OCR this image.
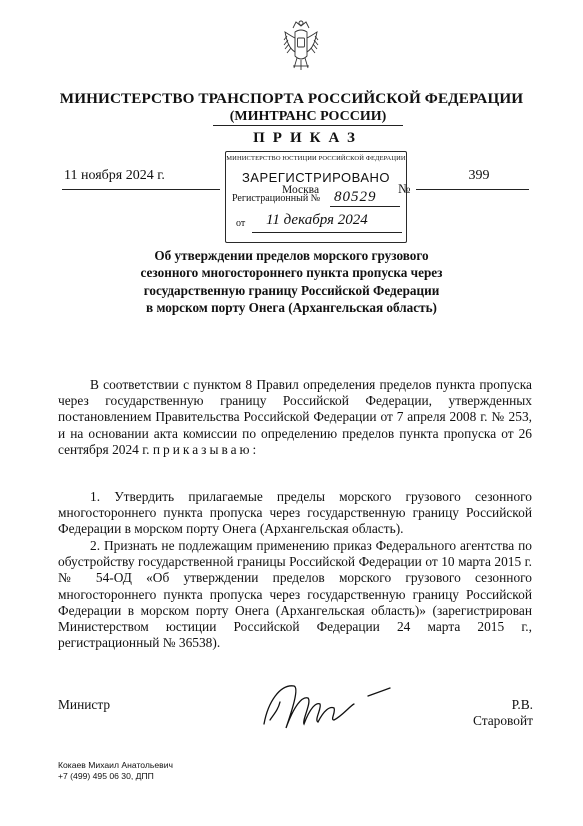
МИНИСТЕРСТВО ТРАНСПОРТА РОССИЙСКОЙ ФЕДЕРАЦИИ
(МИНТРАНС РОССИИ)
ПРИКАЗ
МИНИСТЕРСТВО ЮСТИЦИИ РОССИЙСКОЙ ФЕДЕРАЦИИ
ЗАРЕГИСТРИРОВАНО
Регистрационный № 80529
от 11 декабря 2024
11 ноября 2024 г.
Москва	№
399
Об утверждении пределов морского грузового сезонного многостороннего пункта пропуска через государственную границу Российской Федерации в морском порту Онега (Архангельская область)
В соответствии с пунктом 8 Правил определения пределов пункта пропуска через государственную границу Российской Федерации, утвержденных постановлением Правительства Российской Федерации от 7 апреля 2008 г. № 253, и на основании акта комиссии по определению пределов пункта пропуска от 26 сентября 2024 г. приказываю:
1. Утвердить прилагаемые пределы морского грузового сезонного многостороннего пункта пропуска через государственную границу Российской Федерации в морском порту Онега (Архангельская область).
2. Признать не подлежащим применению приказ Федерального агентства по обустройству государственной границы Российской Федерации от 10 марта 2015 г. № 54-ОД «Об утверждении пределов морского грузового сезонного многостороннего пункта пропуска через государственную границу Российской Федерации в морском порту Онега (Архангельская область)» (зарегистрирован Министерством юстиции Российской Федерации 24 марта 2015 г., регистрационный № 36538).
Министр	Р.В. Старовойт
Кокаев Михаил Анатольевич
+7 (499) 495 06 30, ДПП
